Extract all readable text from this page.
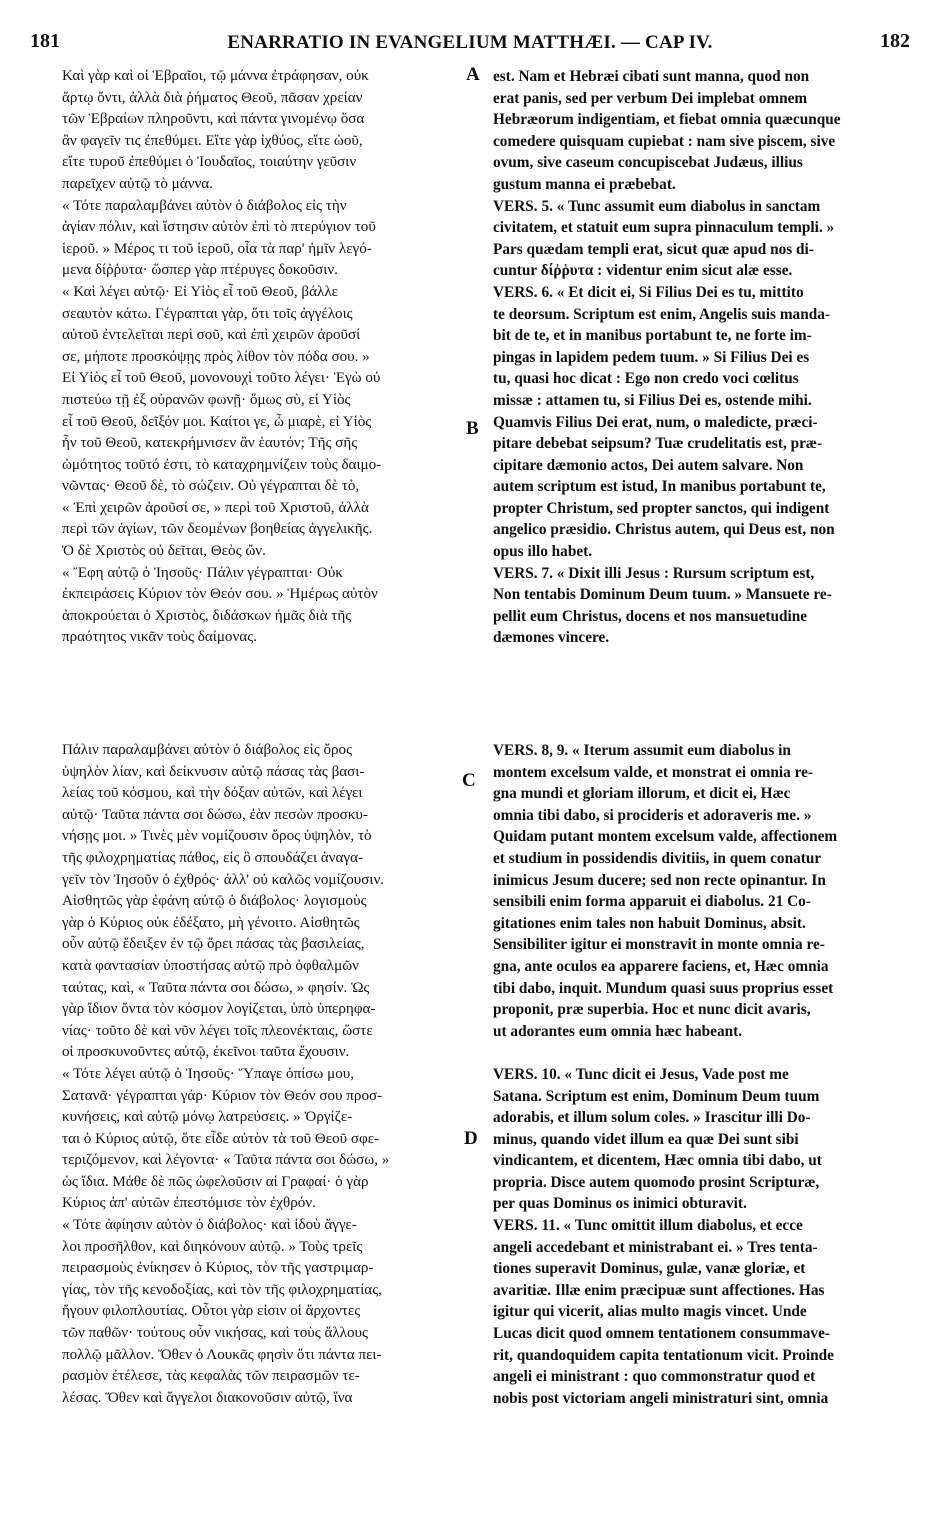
181	ENARRATIO IN EVANGELIUM MATTHÆI. — CAP IV.	182
Καὶ γὰρ καὶ οἱ Ἑβραῖοι, τῷ μάννα ἐτράφησαν, οὐκ
ἄρτῳ ὄντι, ἀλλὰ διὰ ῥήματος Θεοῦ, πᾶσαν χρείαν
τῶν Ἑβραίων πληροῦντι, καὶ πάντα γινομένῳ ὅσα
ἂν φαγεῖν τις ἐπεθύμει. Εἴτε γὰρ ἰχθύος, εἴτε ὠοῦ,
εἴτε τυροῦ ἐπεθύμει ὁ Ἰουδαῖος, τοιαύτην γεῦσιν
παρεῖχεν αὐτῷ τὸ μάννα.
« Τότε παραλαμβάνει αὐτὸν ὁ διάβολος εἰς τὴν
ἁγίαν πόλιν, καὶ ἵστησιν αὐτὸν ἐπὶ τὸ πτερύγιον τοῦ
ἱεροῦ. » Μέρος τι τοῦ ἱεροῦ, οἷα τὰ παρ' ἡμῖν λεγό-
μενα δίῤῥυτα· ὥσπερ γὰρ πτέρυγες δοκοῦσιν.
« Καὶ λέγει αὐτῷ· Εἰ Υἱὸς εἶ τοῦ Θεοῦ, βάλλε
σεαυτὸν κάτω. Γέγραπται γὰρ, ὅτι τοῖς ἀγγέλοις
αὐτοῦ ἐντελεῖται περὶ σοῦ, καὶ ἐπὶ χειρῶν ἀροῦσί
σε, μήποτε προσκόψῃς πρὸς λίθον τὸν πόδα σου. »
Εἰ Υἱὸς εἶ τοῦ Θεοῦ, μονονουχὶ τοῦτο λέγει· Ἐγὼ οὐ
πιστεύω τῇ ἐξ οὐρανῶν φωνῇ· ὅμως σὺ, εἰ Υἱὸς
εἶ τοῦ Θεοῦ, δεῖξόν μοι. Καίτοι γε, ὦ μιαρὲ, εἰ Υἱὸς
ἦν τοῦ Θεοῦ, κατεκρήμνισεν ἂν ἑαυτόν; Τῆς σῆς
ὠμότητος τοῦτό ἐστι, τὸ καταχρημνίζειν τοὺς δαιμο-
νῶντας· Θεοῦ δὲ, τὸ σώζειν. Οὐ γέγραπται δὲ τὸ,
« Ἐπὶ χειρῶν ἀροῦσί σε, » περὶ τοῦ Χριστοῦ, ἀλλὰ
περὶ τῶν ἁγίων, τῶν δεομένων βοηθείας ἀγγελικῆς.
Ὁ δὲ Χριστὸς οὐ δεῖται, Θεὸς ὤν.
« Ἔφη αὐτῷ ὁ Ἰησοῦς· Πάλιν γέγραπται· Οὐκ
ἐκπειράσεις Κύριον τὸν Θεόν σου. » Ἡμέρως αὐτὸν
ἀποκρούεται ὁ Χριστὸς, διδάσκων ἡμᾶς διὰ τῆς
πραότητος νικᾶν τοὺς δαίμονας.
Πάλιν παραλαμβάνει αὐτὸν ὁ διάβολος εἰς ὄρος
ὑψηλὸν λίαν, καὶ δείκνυσιν αὐτῷ πάσας τὰς βασι-
λείας τοῦ κόσμου, καὶ τὴν δόξαν αὐτῶν, καὶ λέγει
αὐτῷ· Ταῦτα πάντα σοι δώσω, ἐὰν πεσὼν προσκυ-
νήσῃς μοι. » Τινὲς μὲν νομίζουσιν ὄρος ὑψηλὸν, τὸ
τῆς φιλοχρηματίας πάθος, εἰς ὃ σπουδάζει ἀναγα-
γεῖν τὸν Ἰησοῦν ὁ ἐχθρός· ἀλλ' οὐ καλῶς νομίζουσιν.
Αἰσθητῶς γὰρ ἐφάνη αὐτῷ ὁ διάβολος· λογισμοὺς
γὰρ ὁ Κύριος οὐκ ἐδέξατο, μὴ γένοιτο. Αἰσθητῶς
οὖν αὐτῷ ἔδειξεν ἐν τῷ ὄρει πάσας τὰς βασιλείας,
κατὰ φαντασίαν ὑποστήσας αὐτῷ πρὸ ὀφθαλμῶν
ταύτας, καὶ, « Ταῦτα πάντα σοι δώσω, » φησίν. Ὡς
γὰρ ἴδιον ὄντα τὸν κόσμον λογίζεται, ὑπὸ ὑπερηφα-
νίας· τοῦτο δὲ καὶ νῦν λέγει τοῖς πλεονέκταις, ὥστε
οἱ προσκυνοῦντες αὐτῷ, ἐκεῖνοι ταῦτα ἔχουσιν.
« Τότε λέγει αὐτῷ ὁ Ἰησοῦς· Ὕπαγε ὀπίσω μου,
Σατανᾶ· γέγραπται γάρ· Κύριον τὸν Θεόν σου προσ-
κυνήσεις, καὶ αὐτῷ μόνῳ λατρεύσεις. » Ὀργίζε-
ται ὁ Κύριος αὐτῷ, ὅτε εἶδε αὐτὸν τὰ τοῦ Θεοῦ σφε-
τεριζόμενον, καὶ λέγοντα· « Ταῦτα πάντα σοι δώσω, »
ὡς ἴδια. Μάθε δὲ πῶς ὠφελοῦσιν αἱ Γραφαί· ὁ γὰρ
Κύριος ἀπ' αὐτῶν ἐπεστόμισε τὸν ἐχθρόν.
« Τότε ἀφίησιν αὐτὸν ὁ διάβολος· καὶ ἰδοὺ ἄγγε-
λοι προσῆλθον, καὶ διηκόνουν αὐτῷ. » Τοὺς τρεῖς
πειρασμοὺς ἐνίκησεν ὁ Κύριος, τὸν τῆς γαστριμαρ-
γίας, τὸν τῆς κενοδοξίας, καὶ τὸν τῆς φιλοχρηματίας,
ἤγουν φιλοπλουτίας. Οὗτοι γὰρ εἰσιν οἱ ἄρχοντες
τῶν παθῶν· τούτους οὖν νικήσας, καὶ τοὺς ἄλλους
πολλῷ μᾶλλον. Ὅθεν ὁ Λουκᾶς φησὶν ὅτι πάντα πει-
ρασμὸν ἐτέλεσε, τὰς κεφαλὰς τῶν πειρασμῶν τε-
λέσας. Ὅθεν καὶ ἄγγελοι διακονοῦσιν αὐτῷ, ἵνα
est. Nam et Hebræi cibati sunt manna, quod non
erat panis, sed per verbum Dei implebat omnem
Hebræorum indigentiam, et fiebat omnia quæcunque
comedere quisquam cupiebat : nam sive piscem, sive
ovum, sive caseum concupiscebat Judæus, illius
gustum manna ei præbebat.
VERS. 5. « Tunc assumit eum diabolus in sanctam
civitatem, et statuit eum supra pinnaculum templi. »
Pars quædam templi erat, sicut quæ apud nos di-
cuntur δίῤῥυτα : videntur enim sicut alæ esse.
VERS. 6. « Et dicit ei, Si Filius Dei es tu, mittito
te deorsum. Scriptum est enim, Angelis suis manda-
bit de te, et in manibus portabunt te, ne forte im-
pingas in lapidem pedem tuum. » Si Filius Dei es
tu, quasi hoc dicat : Ego non credo voci cœlitus
missæ : attamen tu, si Filius Dei es, ostende mihi.
Quamvis Filius Dei erat, num, o maledicte, præci-
pitare debebat seipsum? Tuæ crudelitatis est, præ-
cipitare dæmonio actos, Dei autem salvare. Non
autem scriptum est istud, In manibus portabunt te,
propter Christum, sed propter sanctos, qui indigent
angelico præsidio. Christus autem, qui Deus est, non
opus illo habet.
VERS. 7. « Dixit illi Jesus : Rursum scriptum est,
Non tentabis Dominum Deum tuum. » Mansuete re-
pellit eum Christus, docens et nos mansuetudine
dæmones vincere.
VERS. 8, 9. « Iterum assumit eum diabolus in
montem excelsum valde, et monstrat ei omnia re-
gna mundi et gloriam illorum, et dicit ei, Hæc
omnia tibi dabo, si procideris et adoraveris me. »
Quidam putant montem excelsum valde, affectionem
et studium in possidendis divitiis, in quem conatur
inimicus Jesum ducere; sed non recte opinantur. In
sensibili enim forma apparuit ei diabolus. 21 Co-
gitationes enim tales non habuit Dominus, absit.
Sensibiliter igitur ei monstravit in monte omnia re-
gna, ante oculos ea apparere faciens, et, Hæc omnia
tibi dabo, inquit. Mundum quasi suus proprius esset
proponit, præ superbia. Hoc et nunc dicit avaris,
ut adorantes eum omnia hæc habeant.
VERS. 10. « Tunc dicit ei Jesus, Vade post me
Satana. Scriptum est enim, Dominum Deum tuum
adorabis, et illum solum coles. » Irascitur illi Do-
minus, quando videt illum ea quæ Dei sunt sibi
vindicantem, et dicentem, Hæc omnia tibi dabo, ut
propria. Disce autem quomodo prosint Scripturæ,
per quas Dominus os inimici obturavit.
VERS. 11. « Tunc omittit illum diabolus, et ecce
angeli accedebant et ministrabant ei. » Tres tenta-
tiones superavit Dominus, gulæ, vanæ gloriæ, et
avaritiæ. Illæ enim præcipuæ sunt affectiones. Has
igitur qui vicerit, alias multo magis vincet. Unde
Lucas dicit quod omnem tentationem consummave-
rit, quandoquidem capita tentationum vicit. Proinde
angeli ei ministrant : quo commonstratur quod et
nobis post victoriam angeli ministraturi sint, omnia
A
B
C
D
